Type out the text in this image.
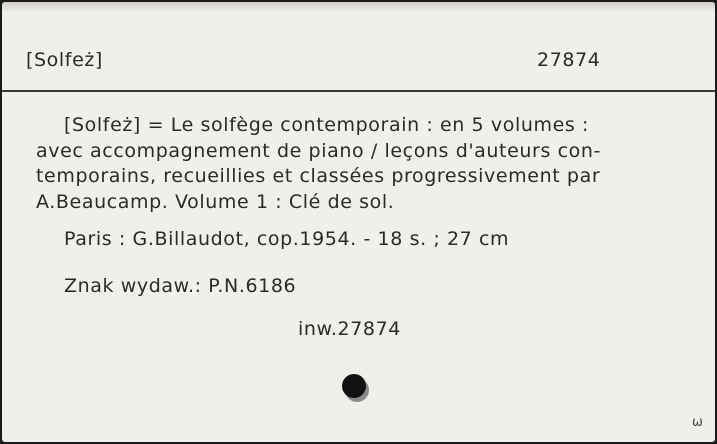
[Solfeż]	27874
[Solfeż] = Le solfège contemporain : en 5 volumes :
avec accompagnement de piano / leçons d'auteurs con-
temporains, recueillies et classées progressivement par
A.Beaucamp. Volume 1 : Clé de sol.
Paris : G.Billaudot, cop.1954. - 18 s. ; 27 cm
Znak wydaw.: P.N.6186
inw.27874
ω
